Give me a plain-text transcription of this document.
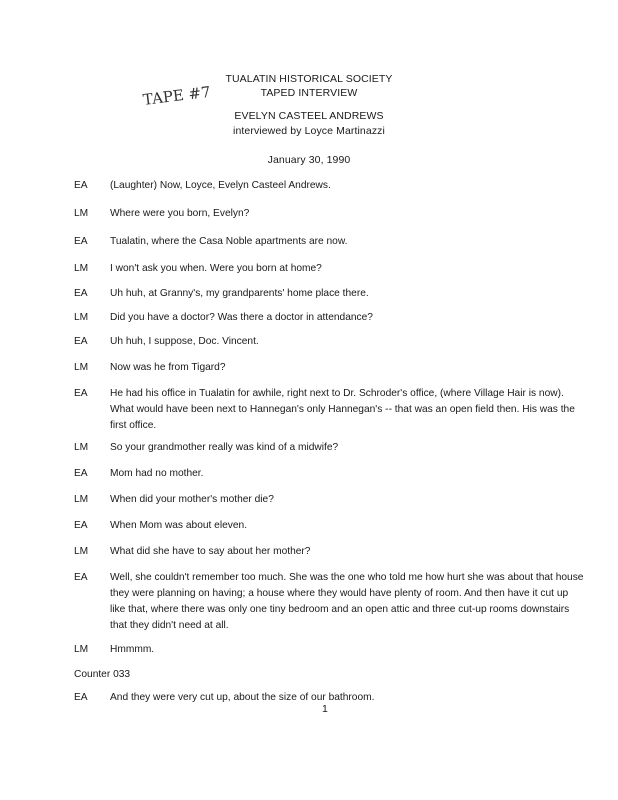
TUALATIN HISTORICAL SOCIETY
TAPED INTERVIEW
TAPE #7
EVELYN CASTEEL ANDREWS
interviewed by Loyce Martinazzi
January 30, 1990
EA	(Laughter) Now, Loyce, Evelyn Casteel Andrews.
LM	Where were you born, Evelyn?
EA	Tualatin, where the Casa Noble apartments are now.
LM	I won't ask you when. Were you born at home?
EA	Uh huh, at Granny's, my grandparents' home place there.
LM	Did you have a doctor? Was there a doctor in attendance?
EA	Uh huh, I suppose, Doc. Vincent.
LM	Now was he from Tigard?
EA	He had his office in Tualatin for awhile, right next to Dr. Schroder's office, (where Village Hair is now). What would have been next to Hannegan's only Hannegan's -- that was an open field then. His was the first office.
LM	So your grandmother really was kind of a midwife?
EA	Mom had no mother.
LM	When did your mother's mother die?
EA	When Mom was about eleven.
LM	What did she have to say about her mother?
EA	Well, she couldn't remember too much. She was the one who told me how hurt she was about that house they were planning on having; a house where they would have plenty of room. And then have it cut up like that, where there was only one tiny bedroom and an open attic and three cut-up rooms downstairs that they didn't need at all.
LM	Hmmmm.
Counter 033
EA	And they were very cut up, about the size of our bathroom.
1
